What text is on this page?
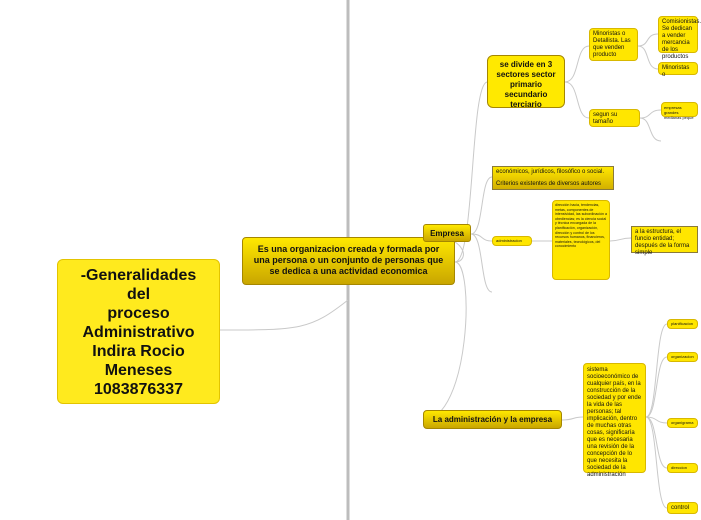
-Generalidades
del
proceso
Administrativo
Indira Rocio
Meneses
1083876337
Es una organizacion creada y formada por una persona o un conjunto de personas que se dedica a una actividad economica
se divide en 3
sectores sector
primario
secundario
terciario
Minoristas o Detallista. Las que venden producto
Comisionistas. Se dedican a vender mercancia de los productos
Minoristas o
segun su tamaño
empresas grandes medianas peque
Empresa
económicos, jurídicos, filosófico o social.
Criterios existentes de diversos autores
administracion
dirección hacia, tendencias, metas, componentes de intensividad, las subordinación a obediencias; es la ciencia social y técnica encargada de la planificación, organización, dirección y control de los recursos humanos, financieros, materiales, tecnológicos, del conocimiento
a la estructura, el funcio entidad; después de la forma simple
La administración y la empresa
sistema socioeconómico de cualquier país, en la construcción de la sociedad y por ende la vida de las personas; tal implicación, dentro de muchas otras cosas, significaría que es necesaria una revisión de la concepción de lo que necesita la sociedad de la administración
planificacion
organizacion
organigrama
direccion
control
